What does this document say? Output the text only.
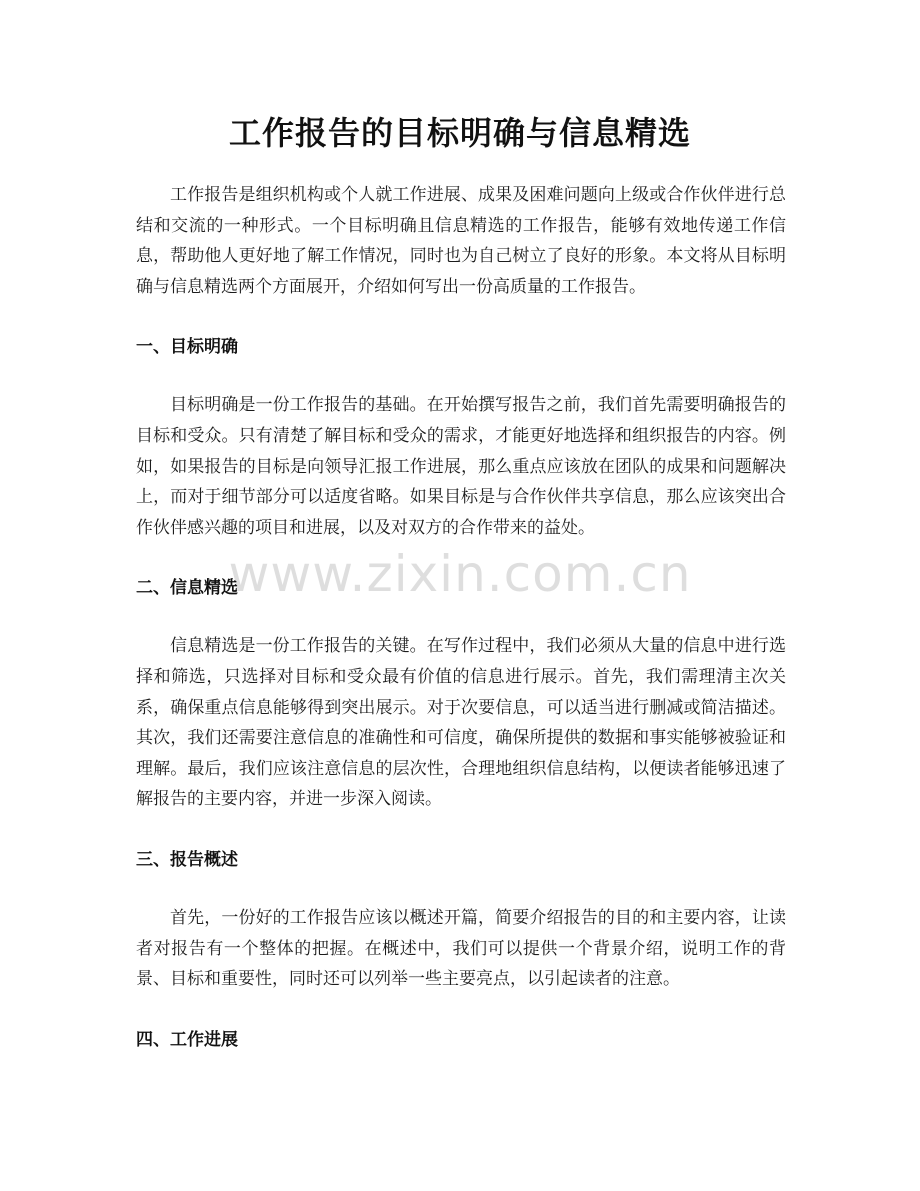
工作报告的目标明确与信息精选
www.zixin.com.cn

工作报告是组织机构或个人就工作进展、成果及困难问题向上级或合作伙伴进行总结和交流的一种形式。一个目标明确且信息精选的工作报告，能够有效地传递工作信息，帮助他人更好地了解工作情况，同时也为自己树立了良好的形象。本文将从目标明确与信息精选两个方面展开，介绍如何写出一份高质量的工作报告。

一、目标明确

目标明确是一份工作报告的基础。在开始撰写报告之前，我们首先需要明确报告的目标和受众。只有清楚了解目标和受众的需求，才能更好地选择和组织报告的内容。例如，如果报告的目标是向领导汇报工作进展，那么重点应该放在团队的成果和问题解决上，而对于细节部分可以适度省略。如果目标是与合作伙伴共享信息，那么应该突出合作伙伴感兴趣的项目和进展，以及对双方的合作带来的益处。

二、信息精选

信息精选是一份工作报告的关键。在写作过程中，我们必须从大量的信息中进行选择和筛选，只选择对目标和受众最有价值的信息进行展示。首先，我们需理清主次关系，确保重点信息能够得到突出展示。对于次要信息，可以适当进行删减或简洁描述。其次，我们还需要注意信息的准确性和可信度，确保所提供的数据和事实能够被验证和理解。最后，我们应该注意信息的层次性，合理地组织信息结构，以便读者能够迅速了解报告的主要内容，并进一步深入阅读。

三、报告概述

首先，一份好的工作报告应该以概述开篇，简要介绍报告的目的和主要内容，让读者对报告有一个整体的把握。在概述中，我们可以提供一个背景介绍，说明工作的背景、目标和重要性，同时还可以列举一些主要亮点，以引起读者的注意。

四、工作进展
